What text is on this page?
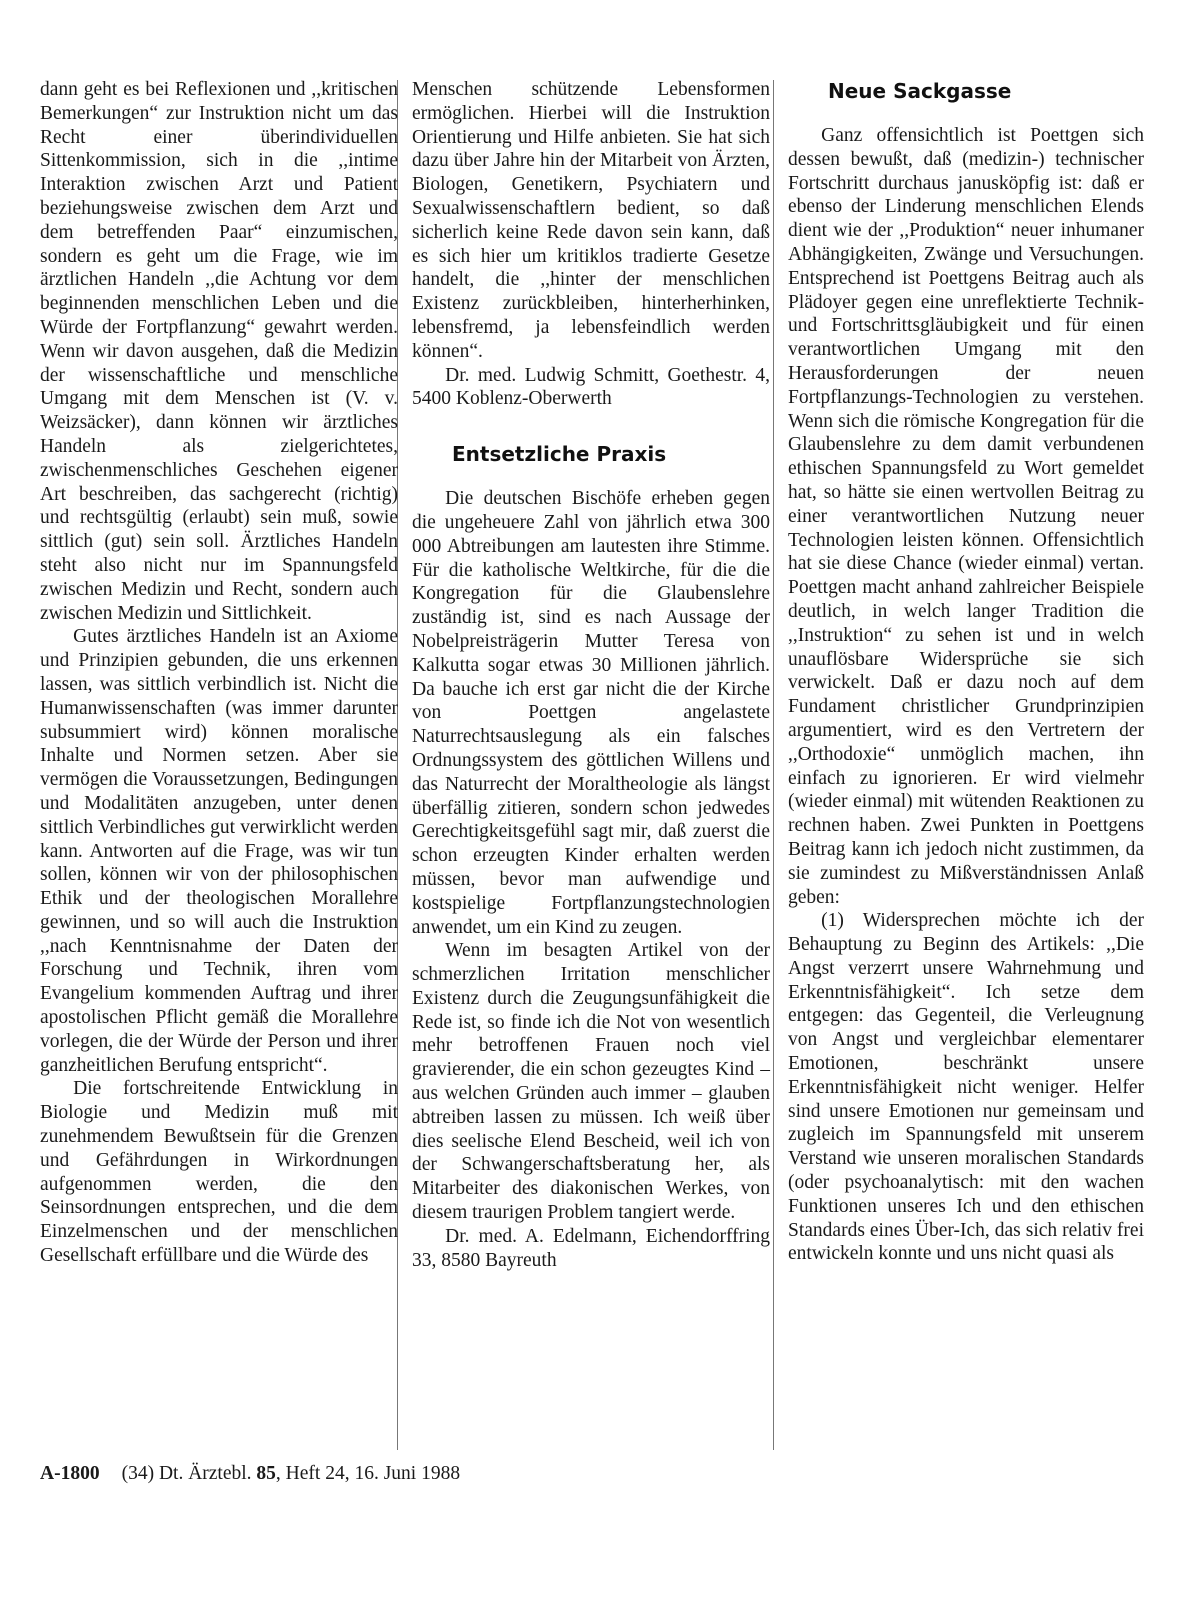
dann geht es bei Reflexionen und ,,kritischen Bemerkungen“ zur Instruktion nicht um das Recht einer überindividuellen Sittenkommission, sich in die ,,intime Interaktion zwischen Arzt und Patient beziehungsweise zwischen dem Arzt und dem betreffenden Paar“ einzumischen, sondern es geht um die Frage, wie im ärztlichen Handeln ,,die Achtung vor dem beginnenden menschlichen Leben und die Würde der Fortpflanzung“ gewahrt werden. Wenn wir davon ausgehen, daß die Medizin der wissenschaftliche und menschliche Umgang mit dem Menschen ist (V. v. Weizsäcker), dann können wir ärztliches Handeln als zielgerichtetes, zwischenmenschliches Geschehen eigener Art beschreiben, das sachgerecht (richtig) und rechtsgültig (erlaubt) sein muß, sowie sittlich (gut) sein soll. Ärztliches Handeln steht also nicht nur im Spannungsfeld zwischen Medizin und Recht, sondern auch zwischen Medizin und Sittlichkeit.

Gutes ärztliches Handeln ist an Axiome und Prinzipien gebunden, die uns erkennen lassen, was sittlich verbindlich ist. Nicht die Humanwissenschaften (was immer darunter subsummiert wird) können moralische Inhalte und Normen setzen. Aber sie vermögen die Voraussetzungen, Bedingungen und Modalitäten anzugeben, unter denen sittlich Verbindliches gut verwirklicht werden kann. Antworten auf die Frage, was wir tun sollen, können wir von der philosophischen Ethik und der theologischen Morallehre gewinnen, und so will auch die Instruktion ,,nach Kenntnisnahme der Daten der Forschung und Technik, ihren vom Evangelium kommenden Auftrag und ihrer apostolischen Pflicht gemäß die Morallehre vorlegen, die der Würde der Person und ihrer ganzheitlichen Berufung entspricht“.

Die fortschreitende Entwicklung in Biologie und Medizin muß mit zunehmendem Bewußtsein für die Grenzen und Gefährdungen in Wirkordnungen aufgenommen werden, die den Seinsordnungen entsprechen, und die dem Einzelmenschen und der menschlichen Gesellschaft erfüllbare und die Würde des

Menschen schützende Lebensformen ermöglichen. Hierbei will die Instruktion Orientierung und Hilfe anbieten. Sie hat sich dazu über Jahre hin der Mitarbeit von Ärzten, Biologen, Genetikern, Psychiatern und Sexualwissenschaftlern bedient, so daß sicherlich keine Rede davon sein kann, daß es sich hier um kritiklos tradierte Gesetze handelt, die ,,hinter der menschlichen Existenz zurückbleiben, hinterherhinken, lebensfremd, ja lebensfeindlich werden können“.

Dr. med. Ludwig Schmitt, Goethestr. 4, 5400 Koblenz-Oberwerth

Entsetzliche Praxis

Die deutschen Bischöfe erheben gegen die ungeheuere Zahl von jährlich etwa 300 000 Abtreibungen am lautesten ihre Stimme. Für die katholische Weltkirche, für die die Kongregation für die Glaubenslehre zuständig ist, sind es nach Aussage der Nobelpreisträgerin Mutter Teresa von Kalkutta sogar etwas 30 Millionen jährlich. Da bauche ich erst gar nicht die der Kirche von Poettgen angelastete Naturrechtsauslegung als ein falsches Ordnungssystem des göttlichen Willens und das Naturrecht der Moraltheologie als längst überfällig zitieren, sondern schon jedwedes Gerechtigkeitsgefühl sagt mir, daß zuerst die schon erzeugten Kinder erhalten werden müssen, bevor man aufwendige und kostspielige Fortpflanzungstechnologien anwendet, um ein Kind zu zeugen.

Wenn im besagten Artikel von der schmerzlichen Irritation menschlicher Existenz durch die Zeugungsunfähigkeit die Rede ist, so finde ich die Not von wesentlich mehr betroffenen Frauen noch viel gravierender, die ein schon gezeugtes Kind – aus welchen Gründen auch immer – glauben abtreiben lassen zu müssen. Ich weiß über dies seelische Elend Bescheid, weil ich von der Schwangerschaftsberatung her, als Mitarbeiter des diakonischen Werkes, von diesem traurigen Problem tangiert werde.

Dr. med. A. Edelmann, Eichendorffring 33, 8580 Bayreuth

Neue Sackgasse

Ganz offensichtlich ist Poettgen sich dessen bewußt, daß (medizin-) technischer Fortschritt durchaus janusköpfig ist: daß er ebenso der Linderung menschlichen Elends dient wie der ,,Produktion“ neuer inhumaner Abhängigkeiten, Zwänge und Versuchungen. Entsprechend ist Poettgens Beitrag auch als Plädoyer gegen eine unreflektierte Technik- und Fortschrittsgläubigkeit und für einen verantwortlichen Umgang mit den Herausforderungen der neuen Fortpflanzungs-Technologien zu verstehen. Wenn sich die römische Kongregation für die Glaubenslehre zu dem damit verbundenen ethischen Spannungsfeld zu Wort gemeldet hat, so hätte sie einen wertvollen Beitrag zu einer verantwortlichen Nutzung neuer Technologien leisten können. Offensichtlich hat sie diese Chance (wieder einmal) vertan. Poettgen macht anhand zahlreicher Beispiele deutlich, in welch langer Tradition die ,,Instruktion“ zu sehen ist und in welch unauflösbare Widersprüche sie sich verwickelt. Daß er dazu noch auf dem Fundament christlicher Grundprinzipien argumentiert, wird es den Vertretern der ,,Orthodoxie“ unmöglich machen, ihn einfach zu ignorieren. Er wird vielmehr (wieder einmal) mit wütenden Reaktionen zu rechnen haben. Zwei Punkten in Poettgens Beitrag kann ich jedoch nicht zustimmen, da sie zumindest zu Mißverständnissen Anlaß geben:

(1) Widersprechen möchte ich der Behauptung zu Beginn des Artikels: ,,Die Angst verzerrt unsere Wahrnehmung und Erkenntnisfähigkeit“. Ich setze dem entgegen: das Gegenteil, die Verleugnung von Angst und vergleichbar elementarer Emotionen, beschränkt unsere Erkenntnisfähigkeit nicht weniger. Helfer sind unsere Emotionen nur gemeinsam und zugleich im Spannungsfeld mit unserem Verstand wie unseren moralischen Standards (oder psychoanalytisch: mit den wachen Funktionen unseres Ich und den ethischen Standards eines Über-Ich, das sich relativ frei entwickeln konnte und uns nicht quasi als

A-1800 (34) Dt. Ärztebl. 85, Heft 24, 16. Juni 1988
